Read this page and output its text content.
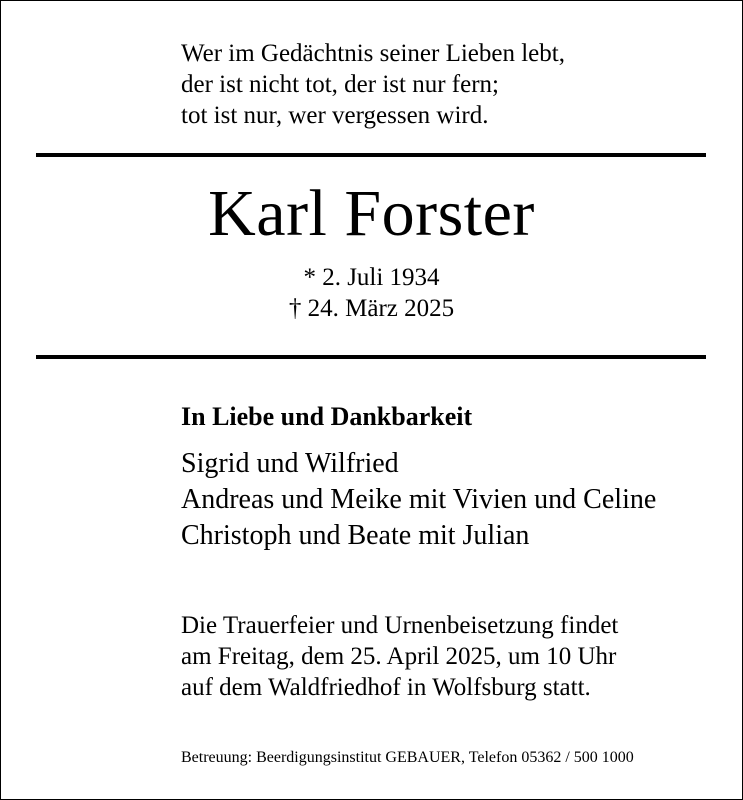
Wer im Gedächtnis seiner Lieben lebt,
der ist nicht tot, der ist nur fern;
tot ist nur, wer vergessen wird.
Karl Forster
* 2. Juli 1934
† 24. März 2025
In Liebe und Dankbarkeit
Sigrid und Wilfried
Andreas und Meike mit Vivien und Celine
Christoph und Beate mit Julian
Die Trauerfeier und Urnenbeisetzung findet
am Freitag, dem 25. April 2025, um 10 Uhr
auf dem Waldfriedhof in Wolfsburg statt.
Betreuung: Beerdigungsinstitut GEBAUER, Telefon 05362 / 500 1000
